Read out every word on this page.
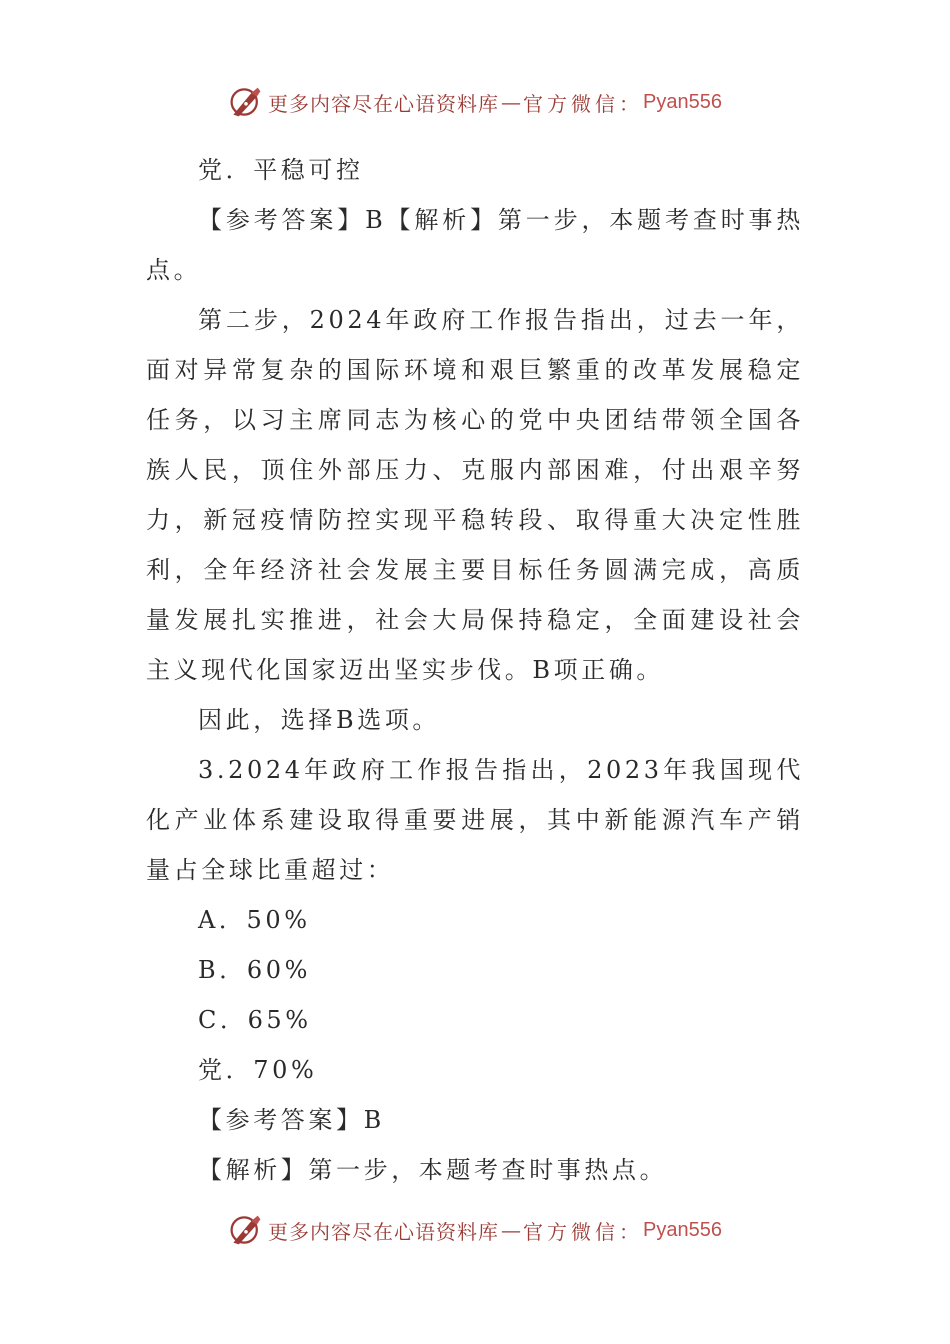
更多内容尽在心语资料库 — 官方微信： Pyan556

党．平稳可控

【参考答案】B【解析】第一步，本题考查时事热点。

第二步，2024年政府工作报告指出，过去一年，面对异常复杂的国际环境和艰巨繁重的改革发展稳定任务，以习主席同志为核心的党中央团结带领全国各族人民，顶住外部压力、克服内部困难，付出艰辛努力，新冠疫情防控实现平稳转段、取得重大决定性胜利，全年经济社会发展主要目标任务圆满完成，高质量发展扎实推进，社会大局保持稳定，全面建设社会主义现代化国家迈出坚实步伐。B项正确。

因此，选择B选项。

3.2024年政府工作报告指出，2023年我国现代化产业体系建设取得重要进展，其中新能源汽车产销量占全球比重超过：

A．50%

B．60%

C．65%

党．70%

【参考答案】B

【解析】第一步，本题考查时事热点。

更多内容尽在心语资料库 — 官方微信： Pyan556
